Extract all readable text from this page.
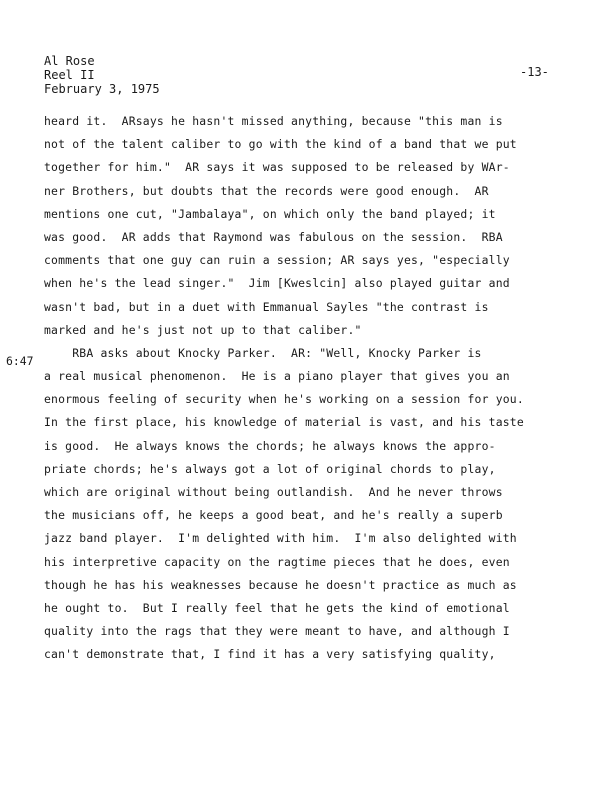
Al Rose
Reel II
February 3, 1975
-13-
6:47
heard it.  ARsays he hasn't missed anything, because "this man is
not of the talent caliber to go with the kind of a band that we put
together for him."  AR says it was supposed to be released by WAr-
ner Brothers, but doubts that the records were good enough.  AR
mentions one cut, "Jambalaya", on which only the band played; it
was good.  AR adds that Raymond was fabulous on the session.  RBA
comments that one guy can ruin a session; AR says yes, "especially
when he's the lead singer."  Jim [Kweslcin] also played guitar and
wasn't bad, but in a duet with Emmanual Sayles "the contrast is
marked and he's just not up to that caliber."
RBA asks about Knocky Parker.  AR: "Well, Knocky Parker is
a real musical phenomenon.  He is a piano player that gives you an
enormous feeling of security when he's working on a session for you.
In the first place, his knowledge of material is vast, and his taste
is good.  He always knows the chords; he always knows the appro-
priate chords; he's always got a lot of original chords to play,
which are original without being outlandish.  And he never throws
the musicians off, he keeps a good beat, and he's really a superb
jazz band player.  I'm delighted with him.  I'm also delighted with
his interpretive capacity on the ragtime pieces that he does, even
though he has his weaknesses because he doesn't practice as much as
he ought to.  But I really feel that he gets the kind of emotional
quality into the rags that they were meant to have, and although I
can't demonstrate that, I find it has a very satisfying quality,
